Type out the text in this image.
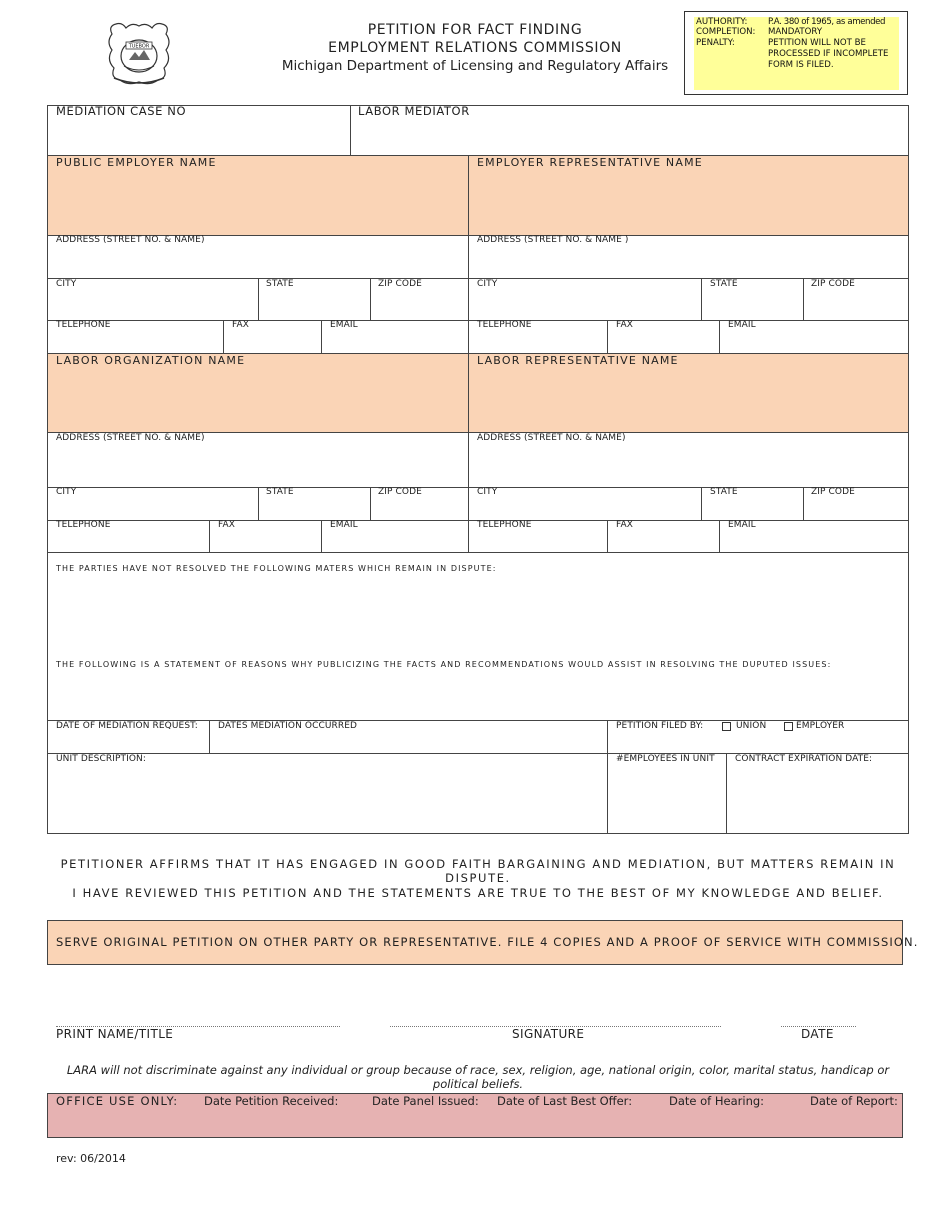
TUEBOR
PETITION FOR FACT FINDING
EMPLOYMENT RELATIONS COMMISSION
Michigan Department of Licensing and Regulatory Affairs
AUTHORITY: P.A. 380 of 1965, as amended
COMPLETION: MANDATORY
PENALTY:	PETITION WILL NOT BE
PROCESSED IF INCOMPLETE
FORM IS FILED.
MEDIATION CASE NO	LABOR MEDIATOR
PUBLIC EMPLOYER NAME	EMPLOYER REPRESENTATIVE NAME
ADDRESS (STREET NO. & NAME)	ADDRESS (STREET NO. & NAME )
CITY	STATE	ZIP CODE	CITY	STATE	ZIP CODE
TELEPHONE	FAX	EMAIL	TELEPHONE	FAX	EMAIL
LABOR ORGANIZATION NAME	LABOR REPRESENTATIVE NAME
ADDRESS (STREET NO. & NAME)	ADDRESS (STREET NO. & NAME)
CITY	STATE	ZIP CODE	CITY	STATE	ZIP CODE
TELEPHONE	FAX	EMAIL	TELEPHONE	FAX	EMAIL
THE PARTIES HAVE NOT RESOLVED THE FOLLOWING MATERS WHICH REMAIN IN DISPUTE:
THE FOLLOWING IS A STATEMENT OF REASONS WHY PUBLICIZING THE FACTS AND RECOMMENDATIONS WOULD ASSIST IN RESOLVING THE DUPUTED ISSUES:
DATE OF MEDIATION REQUEST: DATES MEDIATION OCCURRED	PETITION FILED BY:	UNION	EMPLOYER
UNIT DESCRIPTION:	#EMPLOYEES IN UNIT CONTRACT EXPIRATION DATE:
PETITIONER AFFIRMS THAT IT HAS ENGAGED IN GOOD FAITH BARGAINING AND MEDIATION, BUT MATTERS REMAIN IN DISPUTE.
I HAVE REVIEWED THIS PETITION AND THE STATEMENTS ARE TRUE TO THE BEST OF MY KNOWLEDGE AND BELIEF.
SERVE ORIGINAL PETITION ON OTHER PARTY OR REPRESENTATIVE. FILE 4 COPIES AND A PROOF OF SERVICE WITH COMMISSION.
PRINT NAME/TITLE	SIGNATURE	DATE
LARA will not discriminate against any individual or group because of race, sex, religion, age, national origin, color, marital status, handicap or political beliefs.
OFFICE USE ONLY: Date Petition Received:	Date Panel Issued: Date of Last Best Offer:	Date of Hearing:	Date of Report:
rev: 06/2014
